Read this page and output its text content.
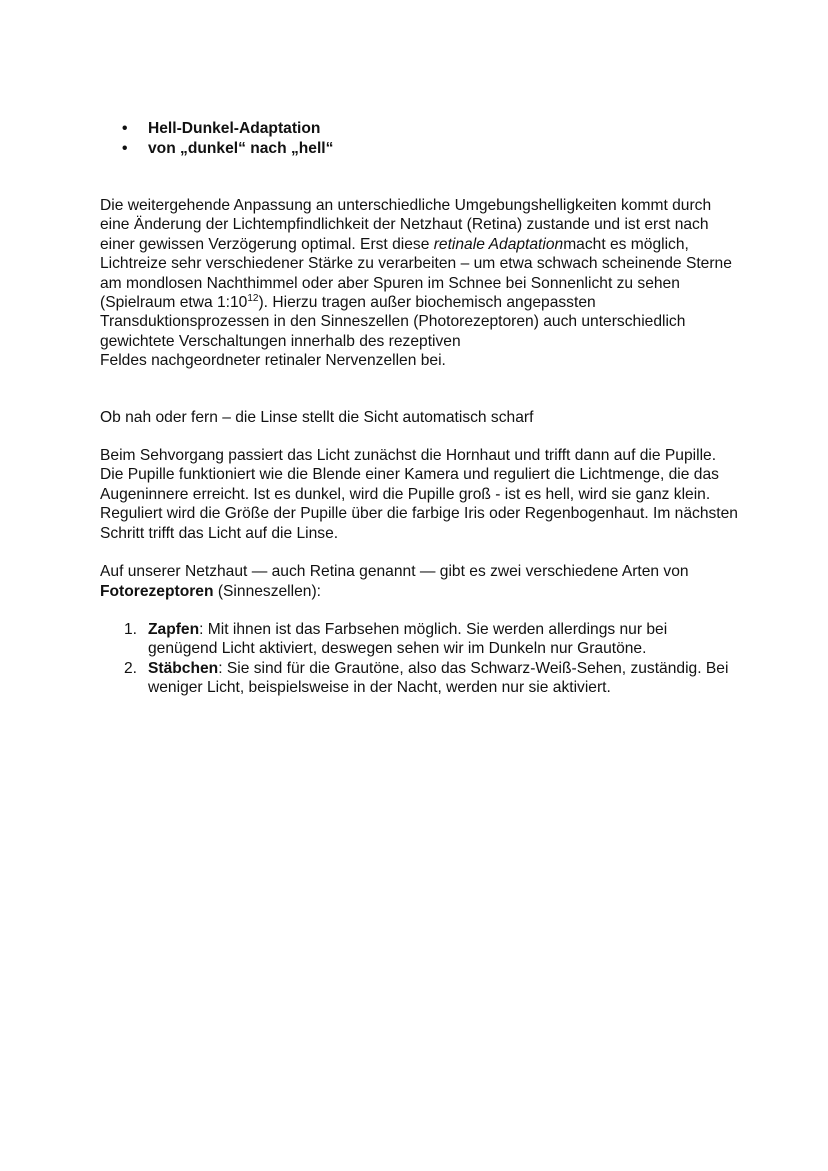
• Hell-Dunkel-Adaptation
• von „dunkel“ nach „hell“

Die weitergehende Anpassung an unterschiedliche Umgebungshelligkeiten kommt durch eine Änderung der Lichtempfindlichkeit der Netzhaut (Retina) zustande und ist erst nach einer gewissen Verzögerung optimal. Erst diese retinale Adaptationmacht es möglich, Lichtreize sehr verschiedener Stärke zu verarbeiten – um etwa schwach scheinende Sterne am mondlosen Nachthimmel oder aber Spuren im Schnee bei Sonnenlicht zu sehen (Spielraum etwa $1:10^{12}$). Hierzu tragen außer biochemisch angepassten Transduktionsprozessen in den Sinneszellen (Photorezeptoren) auch unterschiedlich gewichtete Verschaltungen innerhalb des rezeptiven
Feldes nachgeordneter retinaler Nervenzellen bei.

Ob nah oder fern – die Linse stellt die Sicht automatisch scharf

Beim Sehvorgang passiert das Licht zunächst die Hornhaut und trifft dann auf die Pupille. Die Pupille funktioniert wie die Blende einer Kamera und reguliert die Lichtmenge, die das Augeninnere erreicht. Ist es dunkel, wird die Pupille groß - ist es hell, wird sie ganz klein. Reguliert wird die Größe der Pupille über die farbige Iris oder Regenbogenhaut. Im nächsten Schritt trifft das Licht auf die Linse.

Auf unserer Netzhaut — auch Retina genannt — gibt es zwei verschiedene Arten von Fotorezeptoren (Sinneszellen):

1. Zapfen: Mit ihnen ist das Farbsehen möglich. Sie werden allerdings nur bei genügend Licht aktiviert, deswegen sehen wir im Dunkeln nur Grautöne.
2. Stäbchen: Sie sind für die Grautöne, also das Schwarz-Weiß-Sehen, zuständig. Bei weniger Licht, beispielsweise in der Nacht, werden nur sie aktiviert.
